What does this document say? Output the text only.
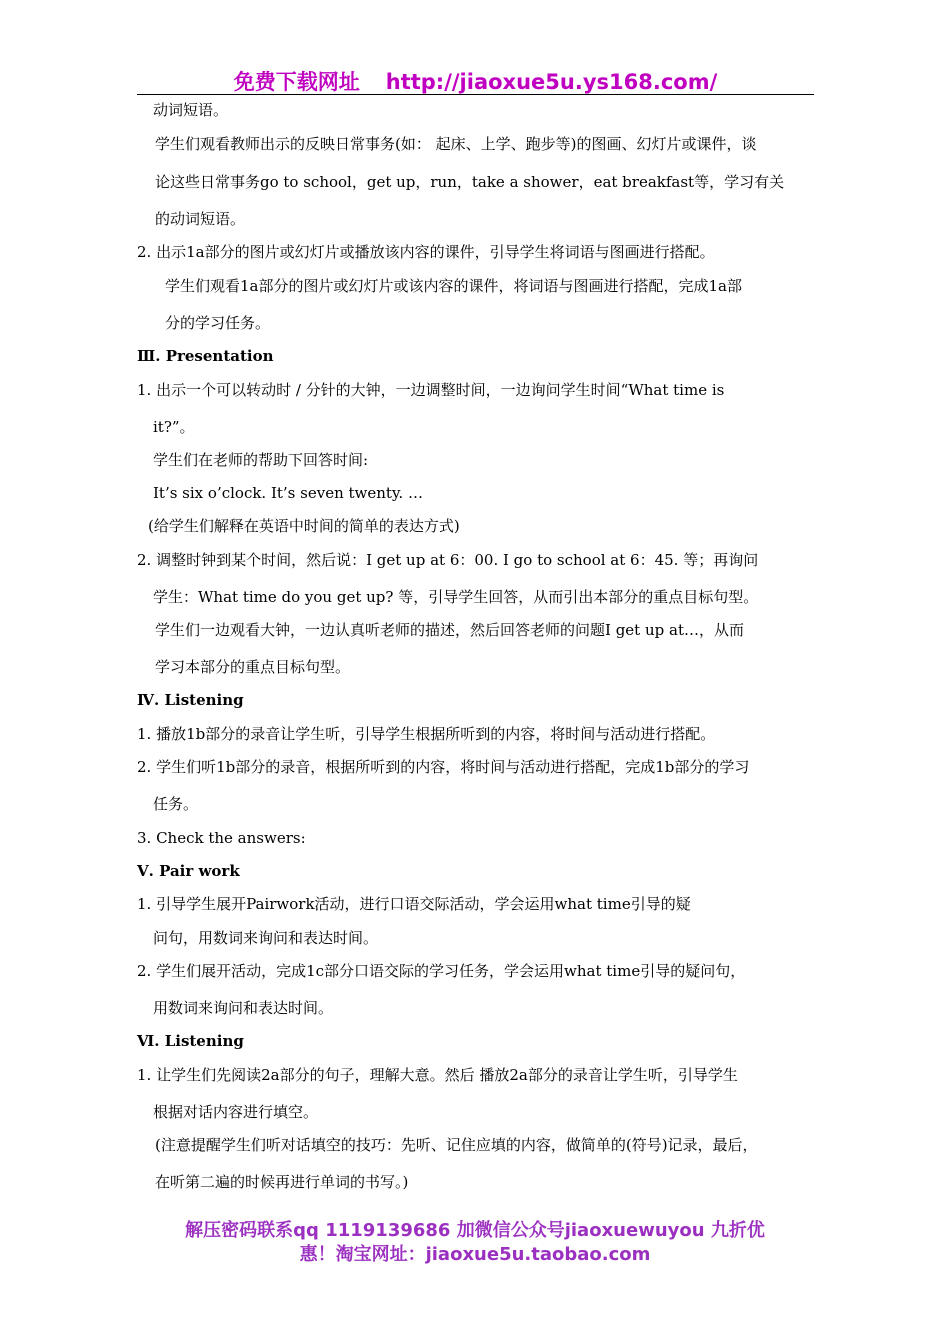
免费下载网址 http://jiaoxue5u.ys168.com/
动词短语。
学生们观看教师出示的反映日常事务(如： 起床、上学、跑步等)的图画、幻灯片或课件，谈
论这些日常事务go to school，get up，run，take a shower，eat breakfast等，学习有关
的动词短语。
2. 出示1a部分的图片或幻灯片或播放该内容的课件，引导学生将词语与图画进行搭配。
学生们观看1a部分的图片或幻灯片或该内容的课件，将词语与图画进行搭配，完成1a部
分的学习任务。
Ⅲ. Presentation
1. 出示一个可以转动时 / 分针的大钟，一边调整时间，一边询问学生时间“What time is
it?”。
学生们在老师的帮助下回答时间:
It’s six o’clock. It’s seven twenty. …
(给学生们解释在英语中时间的简单的表达方式)
2. 调整时钟到某个时间，然后说：I get up at 6：00. I go to school at 6：45. 等；再询问
学生：What time do you get up? 等，引导学生回答，从而引出本部分的重点目标句型。
学生们一边观看大钟，一边认真听老师的描述，然后回答老师的问题I get up at…，从而
学习本部分的重点目标句型。
Ⅳ. Listening
1. 播放1b部分的录音让学生听，引导学生根据所听到的内容，将时间与活动进行搭配。
2. 学生们听1b部分的录音，根据所听到的内容，将时间与活动进行搭配，完成1b部分的学习
任务。
3. Check the answers:
Ⅴ. Pair work
1. 引导学生展开Pairwork活动，进行口语交际活动，学会运用what time引导的疑
问句，用数词来询问和表达时间。
2. 学生们展开活动，完成1c部分口语交际的学习任务，学会运用what time引导的疑问句，
用数词来询问和表达时间。
Ⅵ. Listening
1. 让学生们先阅读2a部分的句子，理解大意。然后 播放2a部分的录音让学生听，引导学生
根据对话内容进行填空。
(注意提醒学生们听对话填空的技巧：先听、记住应填的内容，做简单的(符号)记录，最后，
在听第二遍的时候再进行单词的书写。)
解压密码联系qq 1119139686 加微信公众号jiaoxuewuyou 九折优
惠！淘宝网址：jiaoxue5u.taobao.com
